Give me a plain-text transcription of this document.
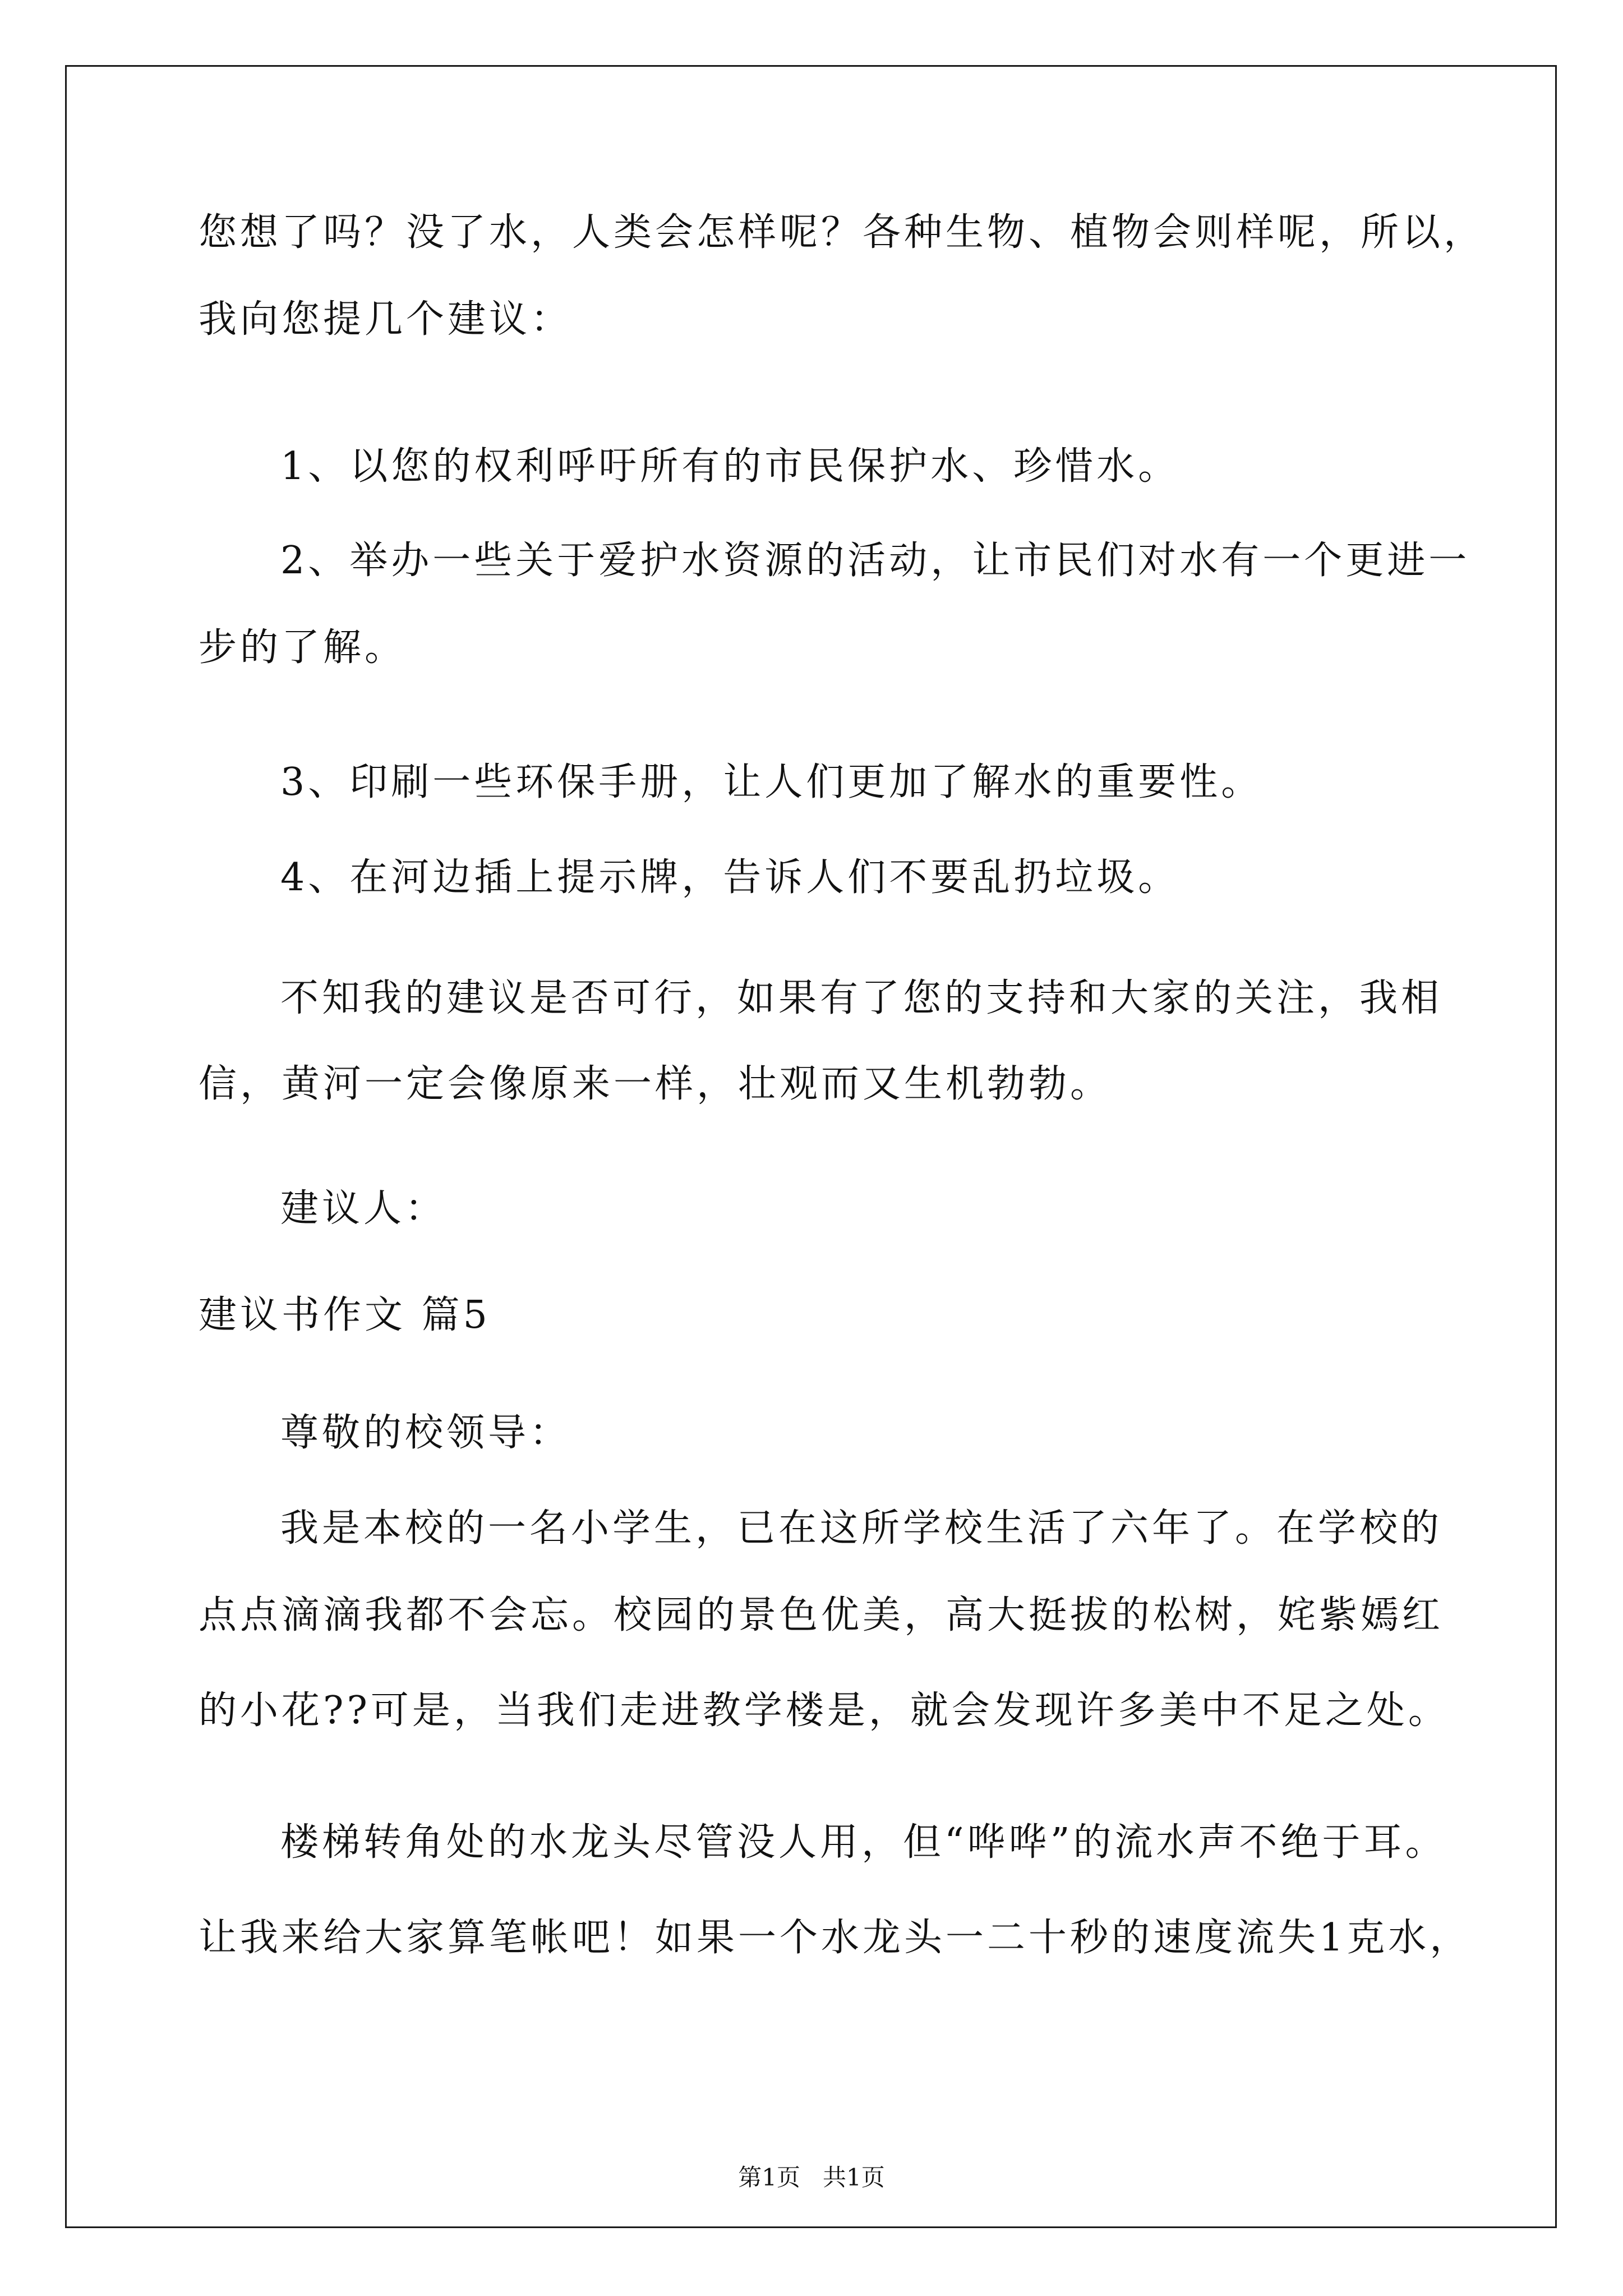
您想了吗？没了水，人类会怎样呢？各种生物、植物会则样呢，所以，

我向您提几个建议：

1、以您的权利呼吁所有的市民保护水、珍惜水。

2、举办一些关于爱护水资源的活动，让市民们对水有一个更进一

步的了解。

3、印刷一些环保手册，让人们更加了解水的重要性。

4、在河边插上提示牌，告诉人们不要乱扔垃圾。

不知我的建议是否可行，如果有了您的支持和大家的关注，我相

信，黄河一定会像原来一样，壮观而又生机勃勃。

建议人：

建议书作文 篇5

尊敬的校领导：

我是本校的一名小学生，已在这所学校生活了六年了。在学校的

点点滴滴我都不会忘。校园的景色优美，高大挺拔的松树，姹紫嫣红

的小花??可是，当我们走进教学楼是，就会发现许多美中不足之处。

楼梯转角处的水龙头尽管没人用，但“哗哗”的流水声不绝于耳。

让我来给大家算笔帐吧！如果一个水龙头一二十秒的速度流失1克水，

第1页   共1页
